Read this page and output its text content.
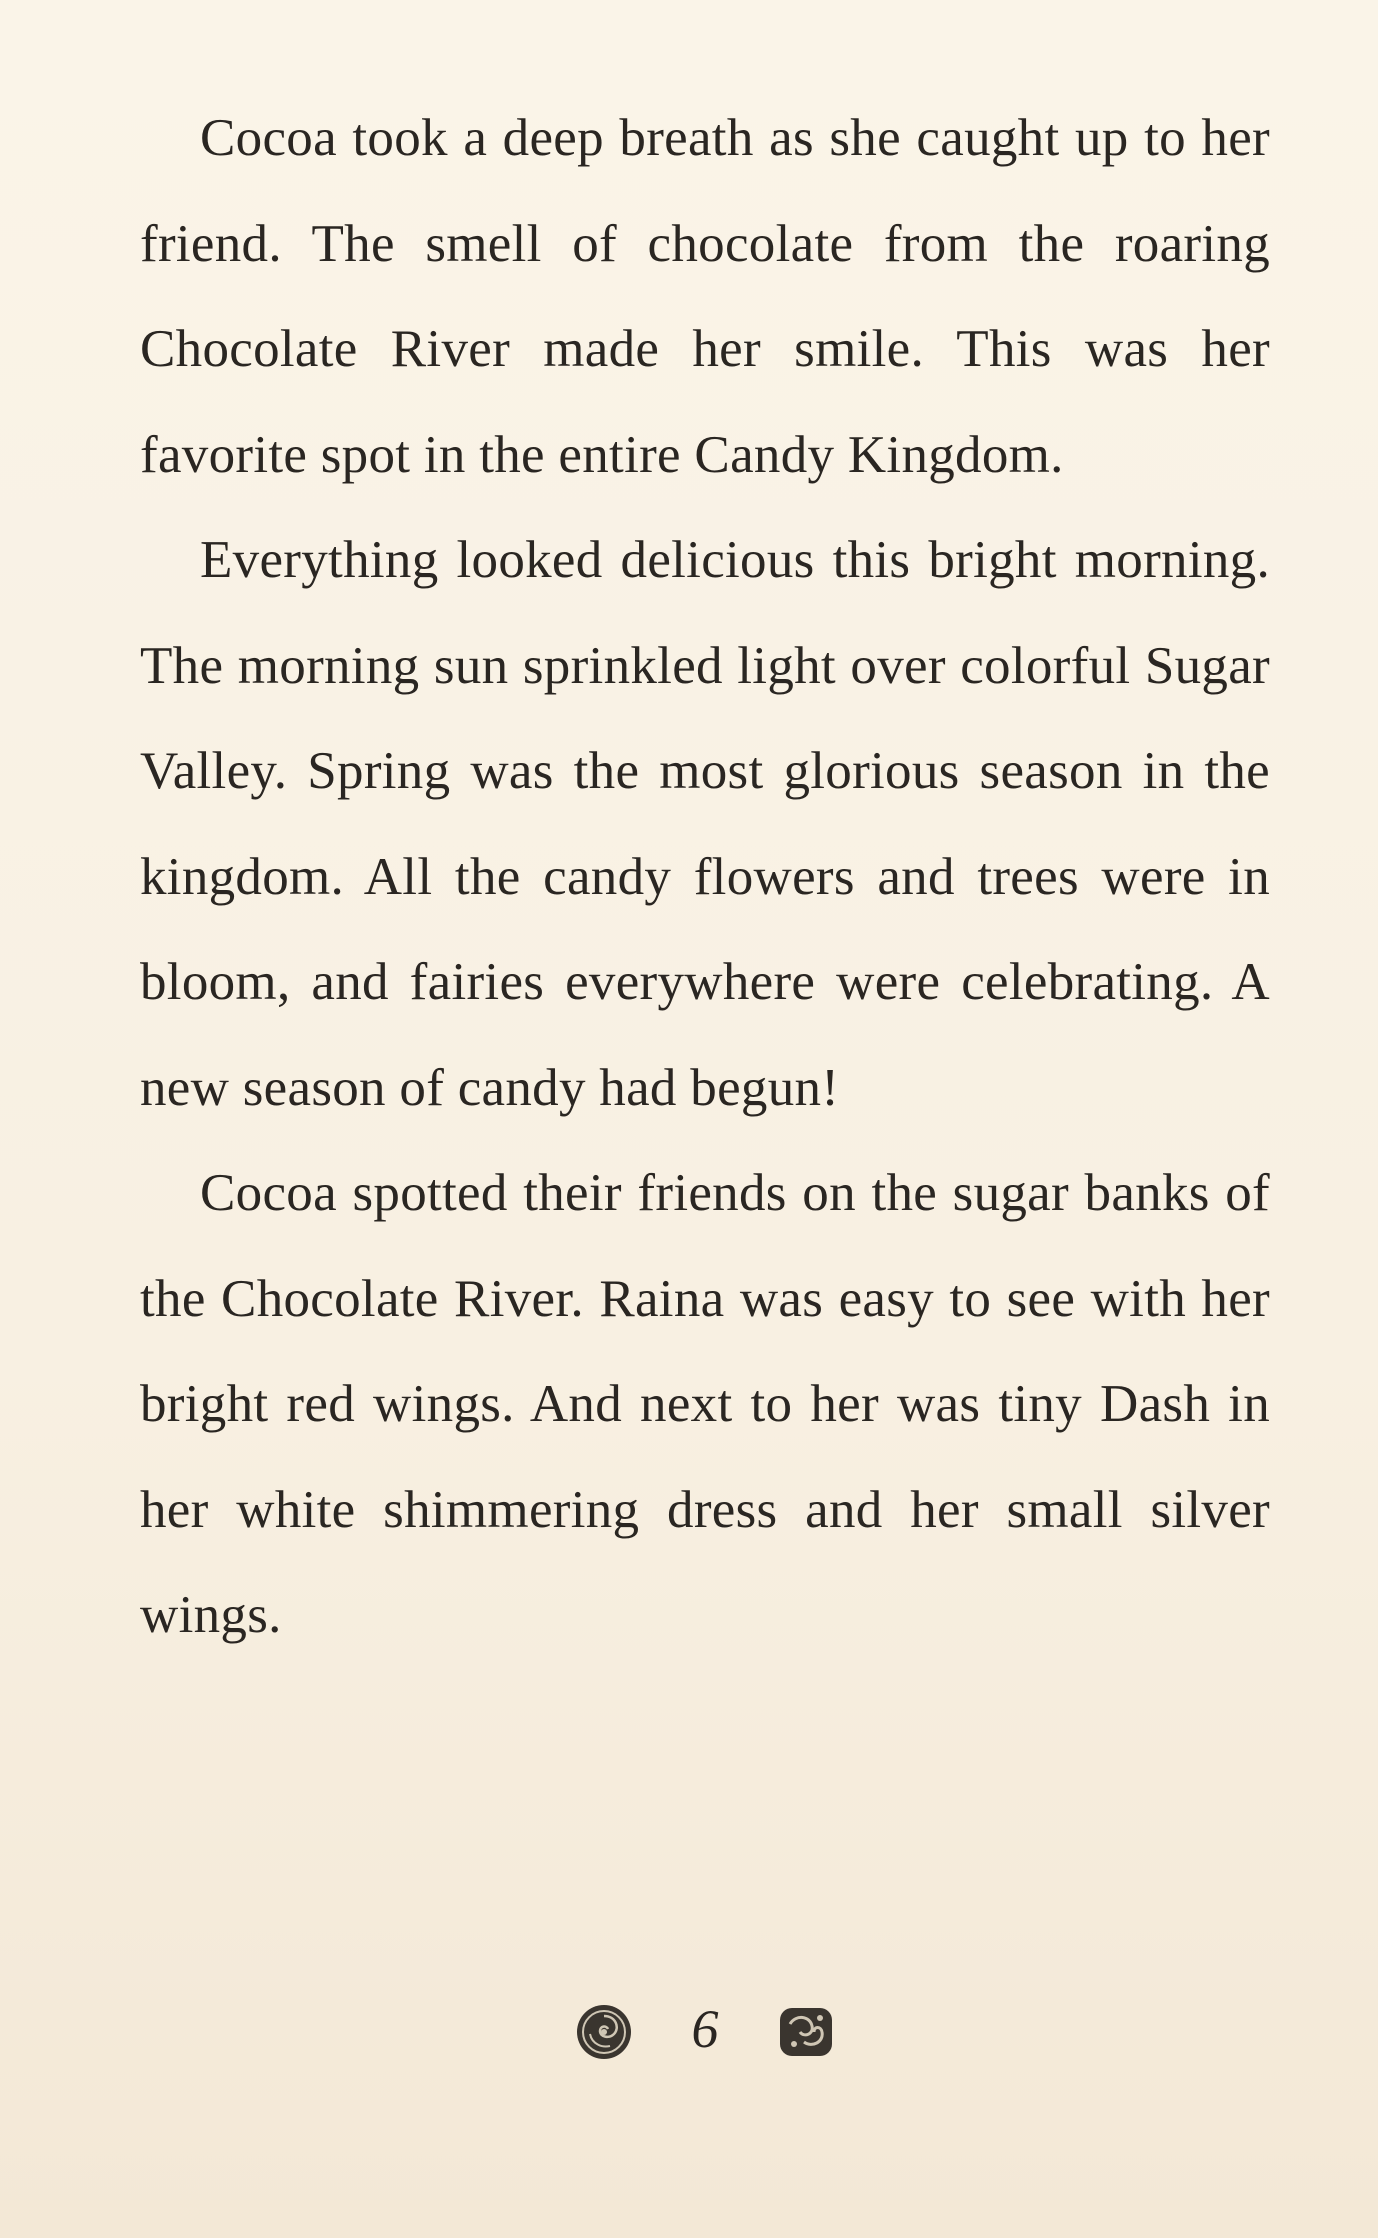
Cocoa took a deep breath as she caught up to her friend. The smell of chocolate from the roaring Chocolate River made her smile. This was her favorite spot in the entire Candy Kingdom.

Everything looked delicious this bright morning. The morning sun sprinkled light over colorful Sugar Valley. Spring was the most glorious season in the kingdom. All the candy flowers and trees were in bloom, and fairies everywhere were celebrating. A new season of candy had begun!

Cocoa spotted their friends on the sugar banks of the Chocolate River. Raina was easy to see with her bright red wings. And next to her was tiny Dash in her white shimmering dress and her small silver wings.

6
